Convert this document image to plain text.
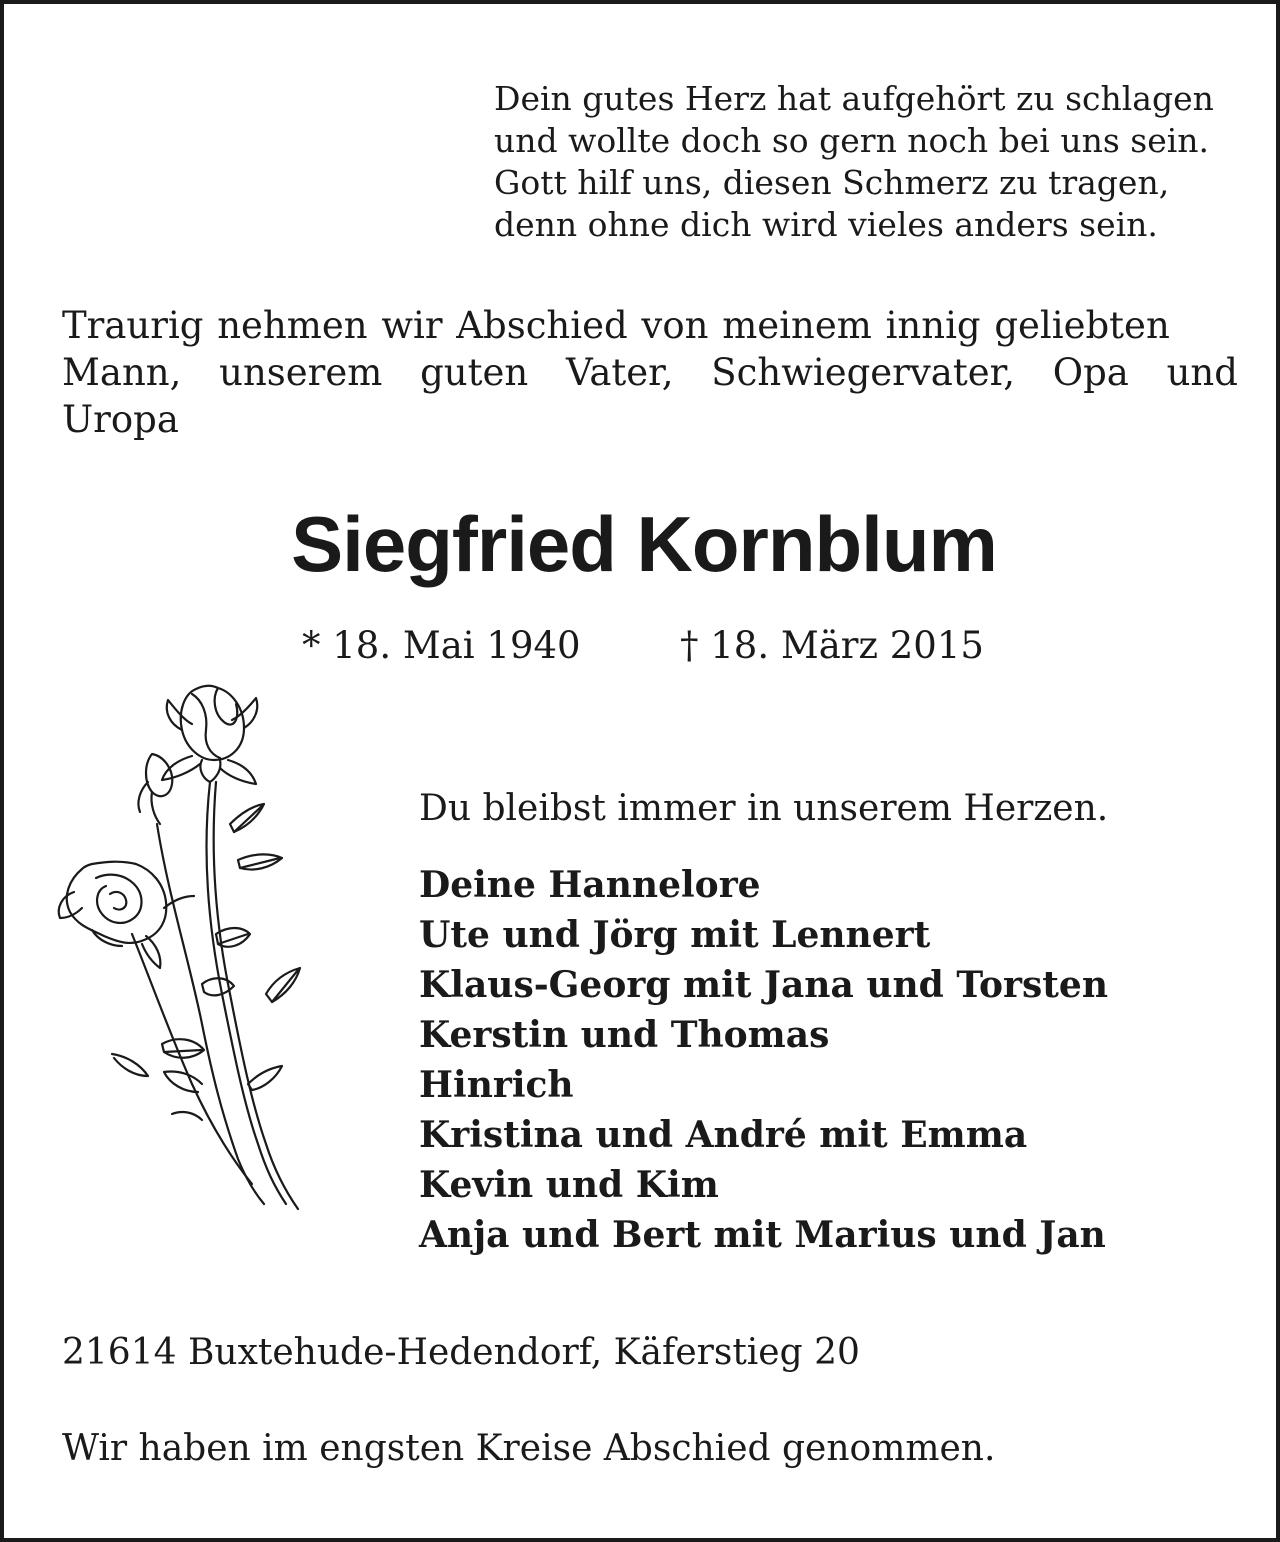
Dein gutes Herz hat aufgehört zu schlagen
und wollte doch so gern noch bei uns sein.
Gott hilf uns, diesen Schmerz zu tragen,
denn ohne dich wird vieles anders sein.
Traurig nehmen wir Abschied von meinem innig geliebten
Mann, unserem guten Vater, Schwiegervater, Opa und
Uropa
Siegfried Kornblum
* 18. Mai 1940	† 18. März 2015
Du bleibst immer in unserem Herzen.
Deine Hannelore
Ute und Jörg mit Lennert
Klaus-Georg mit Jana und Torsten
Kerstin und Thomas
Hinrich
Kristina und André mit Emma
Kevin und Kim
Anja und Bert mit Marius und Jan
21614 Buxtehude-Hedendorf, Käferstieg 20
Wir haben im engsten Kreise Abschied genommen.
